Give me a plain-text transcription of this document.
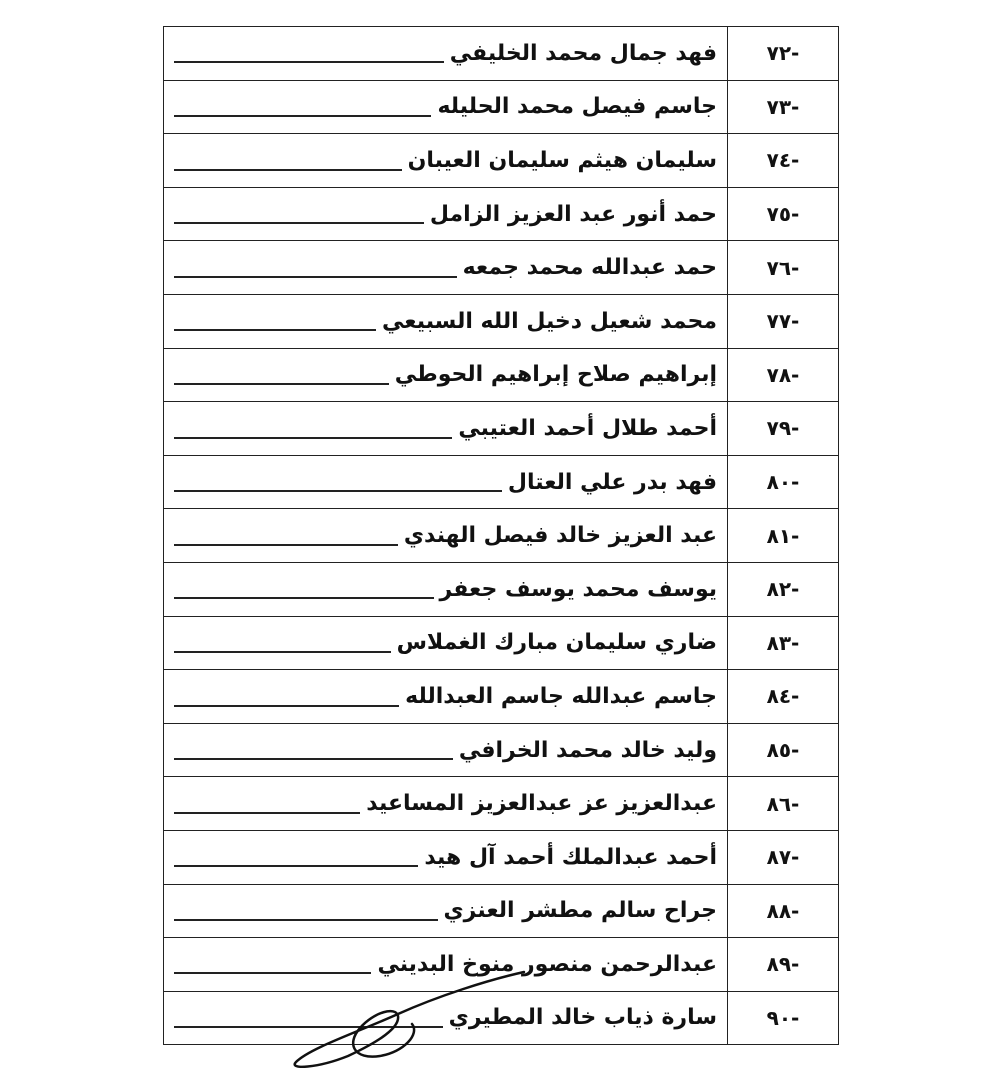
فهد جمال محمد الخليفي	-٧٢
جاسم فيصل محمد الحليله	-٧٣
سليمان هيثم سليمان العيبان	-٧٤
حمد أنور عبد العزيز الزامل	-٧٥
حمد عبدالله محمد جمعه	-٧٦
محمد شعيل دخيل الله السبيعي	-٧٧
إبراهيم صلاح إبراهيم الحوطي	-٧٨
أحمد طلال أحمد العتيبي	-٧٩
فهد بدر علي العتال	-٨٠
عبد العزيز خالد فيصل الهندي	-٨١
يوسف محمد يوسف جعفر	-٨٢
ضاري سليمان مبارك الغملاس	-٨٣
جاسم عبدالله جاسم العبدالله	-٨٤
وليد خالد محمد الخرافي	-٨٥
عبدالعزيز عز عبدالعزيز المساعيد	-٨٦
أحمد عبدالملك أحمد آل هيد	-٨٧
جراح سالم مطشر العنزي	-٨٨
عبدالرحمن منصور منوخ البديني	-٨٩
سارة ذياب خالد المطيري	-٩٠
